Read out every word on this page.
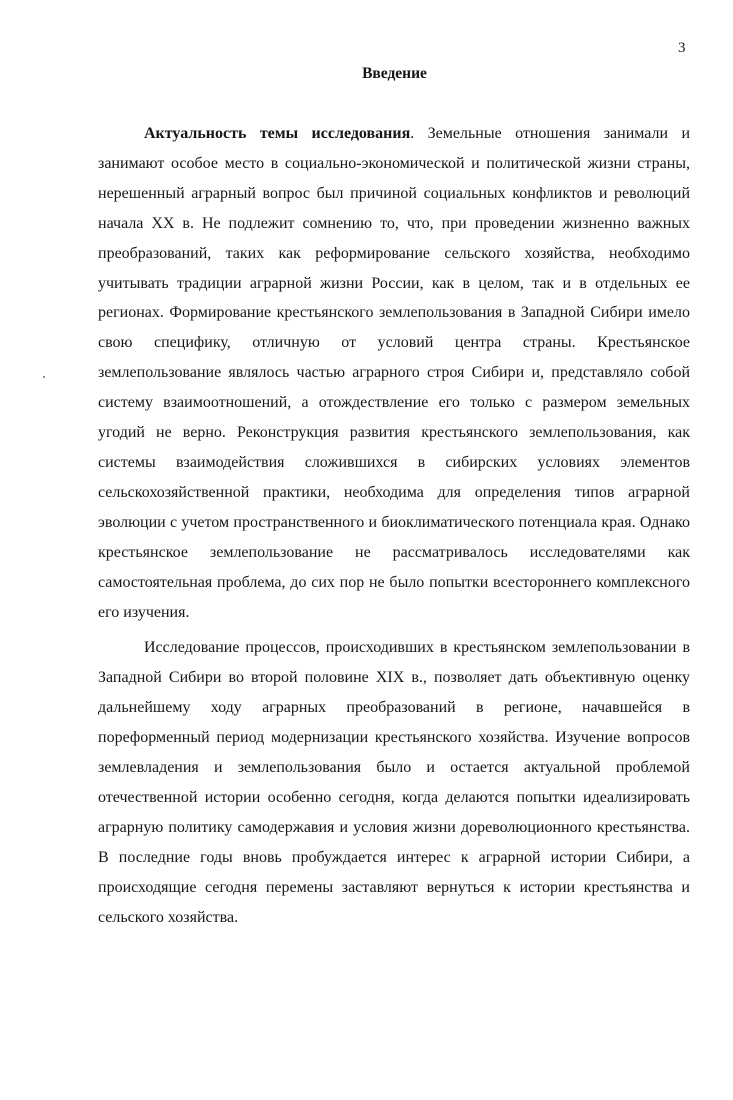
3
Введение

Актуальность темы исследования. Земельные отношения занимали и занимают особое место в социально-экономической и политической жизни страны, нерешенный аграрный вопрос был причиной социальных конфликтов и революций начала XX в. Не подлежит сомнению то, что, при проведении жизненно важных преобразований, таких как реформирование сельского хозяйства, необходимо учитывать традиции аграрной жизни России, как в целом, так и в отдельных ее регионах. Формирование крестьянского землепользования в Западной Сибири имело свою специфику, отличную от условий центра страны. Крестьянское землепользование являлось частью аграрного строя Сибири и, представляло собой систему взаимоотношений, а отождествление его только с размером земельных угодий не верно. Реконструкция развития крестьянского землепользования, как системы взаимодействия сложившихся в сибирских условиях элементов сельскохозяйственной практики, необходима для определения типов аграрной эволюции с учетом пространственного и биоклиматического потенциала края. Однако крестьянское землепользование не рассматривалось исследователями как самостоятельная проблема, до сих пор не было попытки всестороннего комплексного его изучения.

Исследование процессов, происходивших в крестьянском землепользовании в Западной Сибири во второй половине XIX в., позволяет дать объективную оценку дальнейшему ходу аграрных преобразований в регионе, начавшейся в пореформенный период модернизации крестьянского хозяйства. Изучение вопросов землевладения и землепользования было и остается актуальной проблемой отечественной истории особенно сегодня, когда делаются попытки идеализировать аграрную политику самодержавия и условия жизни дореволюционного крестьянства. В последние годы вновь пробуждается интерес к аграрной истории Сибири, а происходящие сегодня перемены заставляют вернуться к истории крестьянства и сельского хозяйства.
